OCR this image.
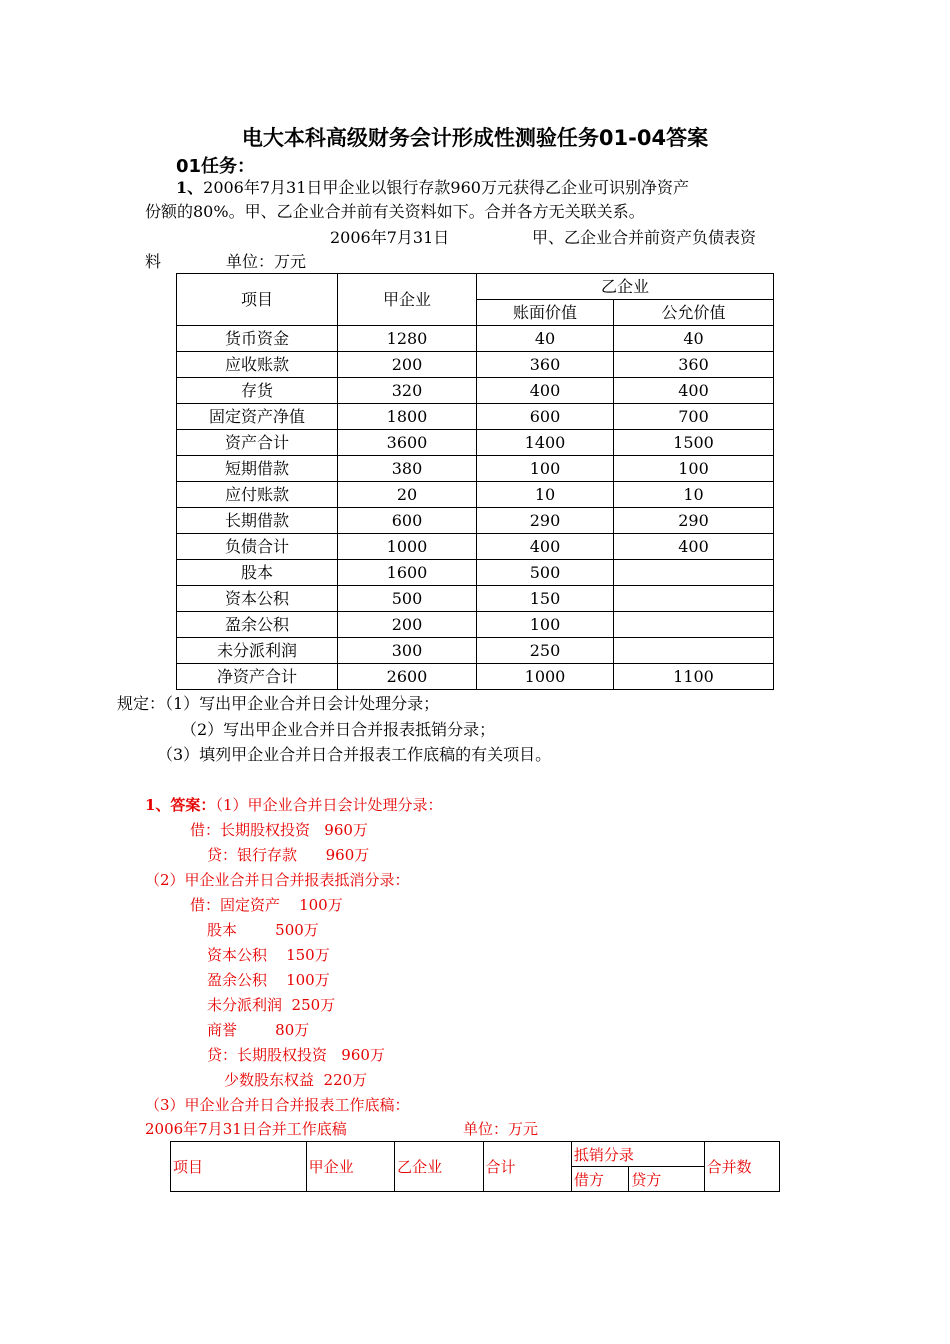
电大本科高级财务会计形成性测验任务01-04答案
01任务：
1、2006年7月31日甲企业以银行存款960万元获得乙企业可识别净资产
份额的80%。甲、乙企业合并前有关资料如下。合并各方无关联关系。
2006年7月31日	甲、乙企业合并前资产负债表资
料	单位：万元
项目	甲企业	乙企业	
		账面价值	公允价值
货币资金	1280	40	40
应收账款	200	360	360
存货	320	400	400
固定资产净值	1800	600	700
资产合计	3600	1400	1500
短期借款	380	100	100
应付账款	20	10	10
长期借款	600	290	290
负债合计	1000	400	400
股本	1600	500	
资本公积	500	150	
盈余公积	200	100	
未分派利润	300	250	
净资产合计	2600	1000	1100
规定：（1）写出甲企业合并日会计处理分录；
（2）写出甲企业合并日合并报表抵销分录；
（3）填列甲企业合并日合并报表工作底稿的有关项目。
1、答案：（1）甲企业合并日会计处理分录：
借：长期股权投资   960万
贷：银行存款      960万
（2）甲企业合并日合并报表抵消分录：
借：固定资产    100万
股本        500万
资本公积    150万
盈余公积    100万
未分派利润  250万
商誉        80万
贷：长期股权投资   960万
少数股东权益  220万
（3）甲企业合并日合并报表工作底稿：
2006年7月31日合并工作底稿	单位：万元
项目	甲企业	乙企业	合计	抵销分录		合并数
				借方	贷方	
